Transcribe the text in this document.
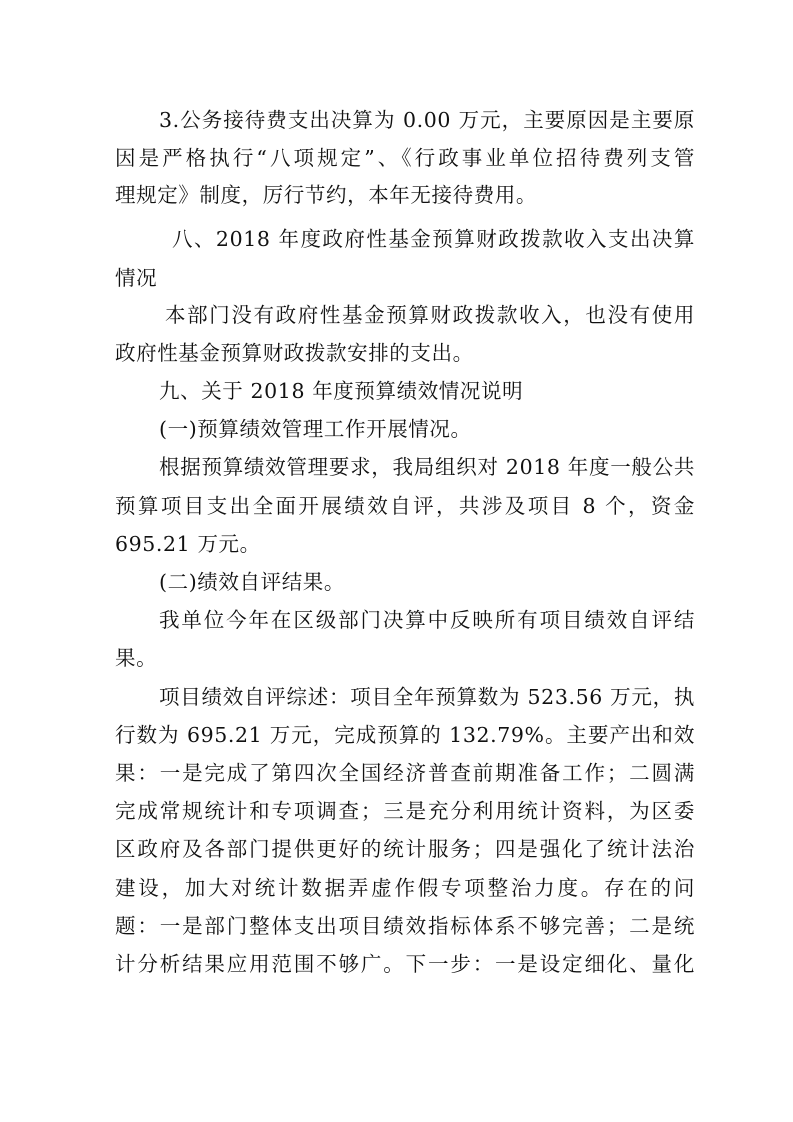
3.公务接待费支出决算为 0.00 万元，主要原因是主要原
因是严格执行“八项规定”、《行政事业单位招待费列支管
理规定》制度，厉行节约，本年无接待费用。
八、2018 年度政府性基金预算财政拨款收入支出决算
情况
本部门没有政府性基金预算财政拨款收入，也没有使用
政府性基金预算财政拨款安排的支出。
九、关于 2018 年度预算绩效情况说明
(一)预算绩效管理工作开展情况。
根据预算绩效管理要求，我局组织对 2018 年度一般公共
预算项目支出全面开展绩效自评，共涉及项目 8 个，资金
695.21 万元。
(二)绩效自评结果。
我单位今年在区级部门决算中反映所有项目绩效自评结
果。
项目绩效自评综述：项目全年预算数为 523.56 万元，执
行数为 695.21 万元，完成预算的 132.79%。主要产出和效
果：一是完成了第四次全国经济普查前期准备工作；二圆满
完成常规统计和专项调查；三是充分利用统计资料，为区委
区政府及各部门提供更好的统计服务；四是强化了统计法治
建设，加大对统计数据弄虚作假专项整治力度。存在的问
题：一是部门整体支出项目绩效指标体系不够完善；二是统
计分析结果应用范围不够广。下一步：一是设定细化、量化
